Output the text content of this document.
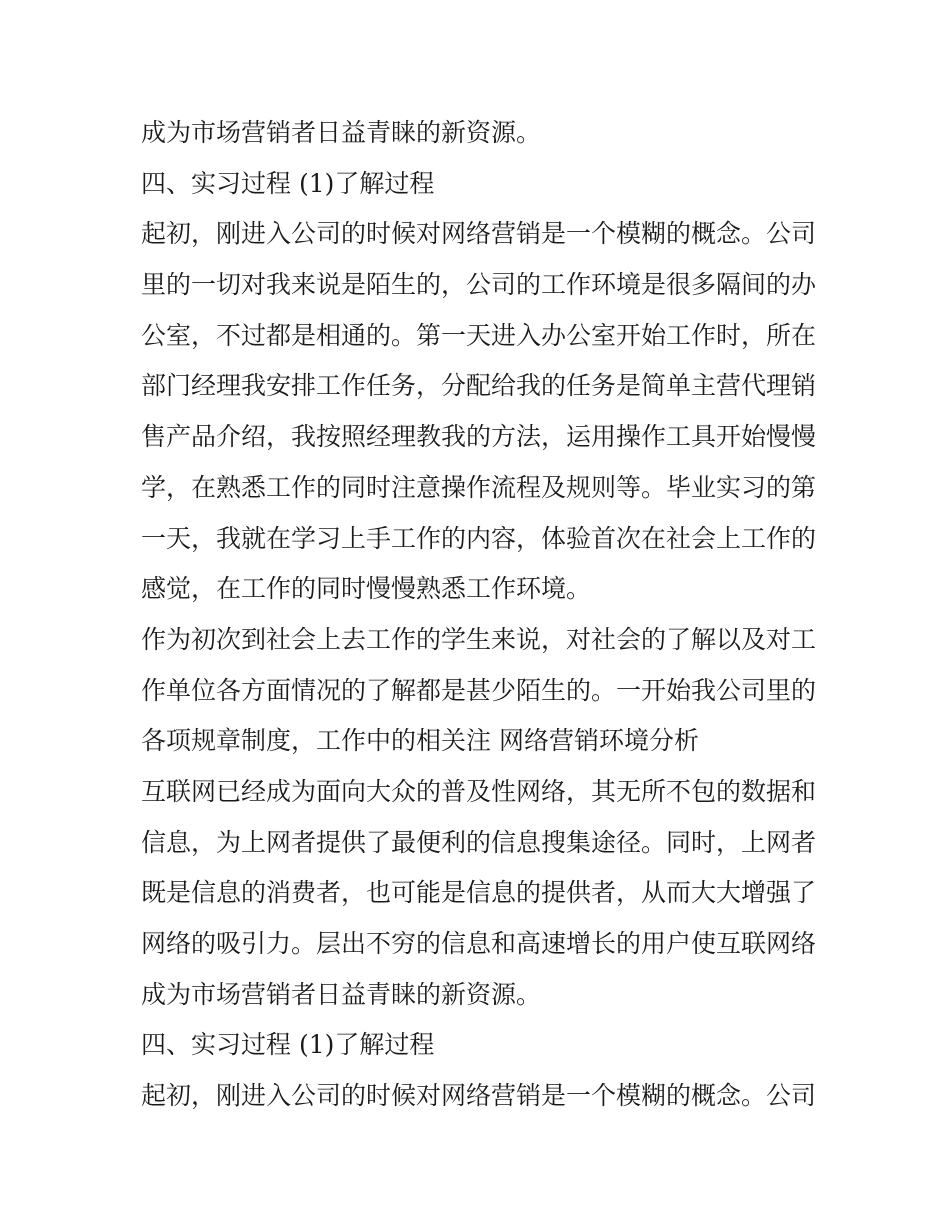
成为市场营销者日益青睐的新资源。
四、实习过程 (1)了解过程
起初，刚进入公司的时候对网络营销是一个模糊的概念。公司
里的一切对我来说是陌生的，公司的工作环境是很多隔间的办
公室，不过都是相通的。第一天进入办公室开始工作时，所在
部门经理我安排工作任务，分配给我的任务是简单主营代理销
售产品介绍，我按照经理教我的方法，运用操作工具开始慢慢
学，在熟悉工作的同时注意操作流程及规则等。毕业实习的第
一天，我就在学习上手工作的内容，体验首次在社会上工作的
感觉，在工作的同时慢慢熟悉工作环境。
作为初次到社会上去工作的学生来说，对社会的了解以及对工
作单位各方面情况的了解都是甚少陌生的。一开始我公司里的
各项规章制度，工作中的相关注 网络营销环境分析
互联网已经成为面向大众的普及性网络，其无所不包的数据和
信息，为上网者提供了最便利的信息搜集途径。同时，上网者
既是信息的消费者，也可能是信息的提供者，从而大大增强了
网络的吸引力。层出不穷的信息和高速增长的用户使互联网络
成为市场营销者日益青睐的新资源。
四、实习过程 (1)了解过程
起初，刚进入公司的时候对网络营销是一个模糊的概念。公司
